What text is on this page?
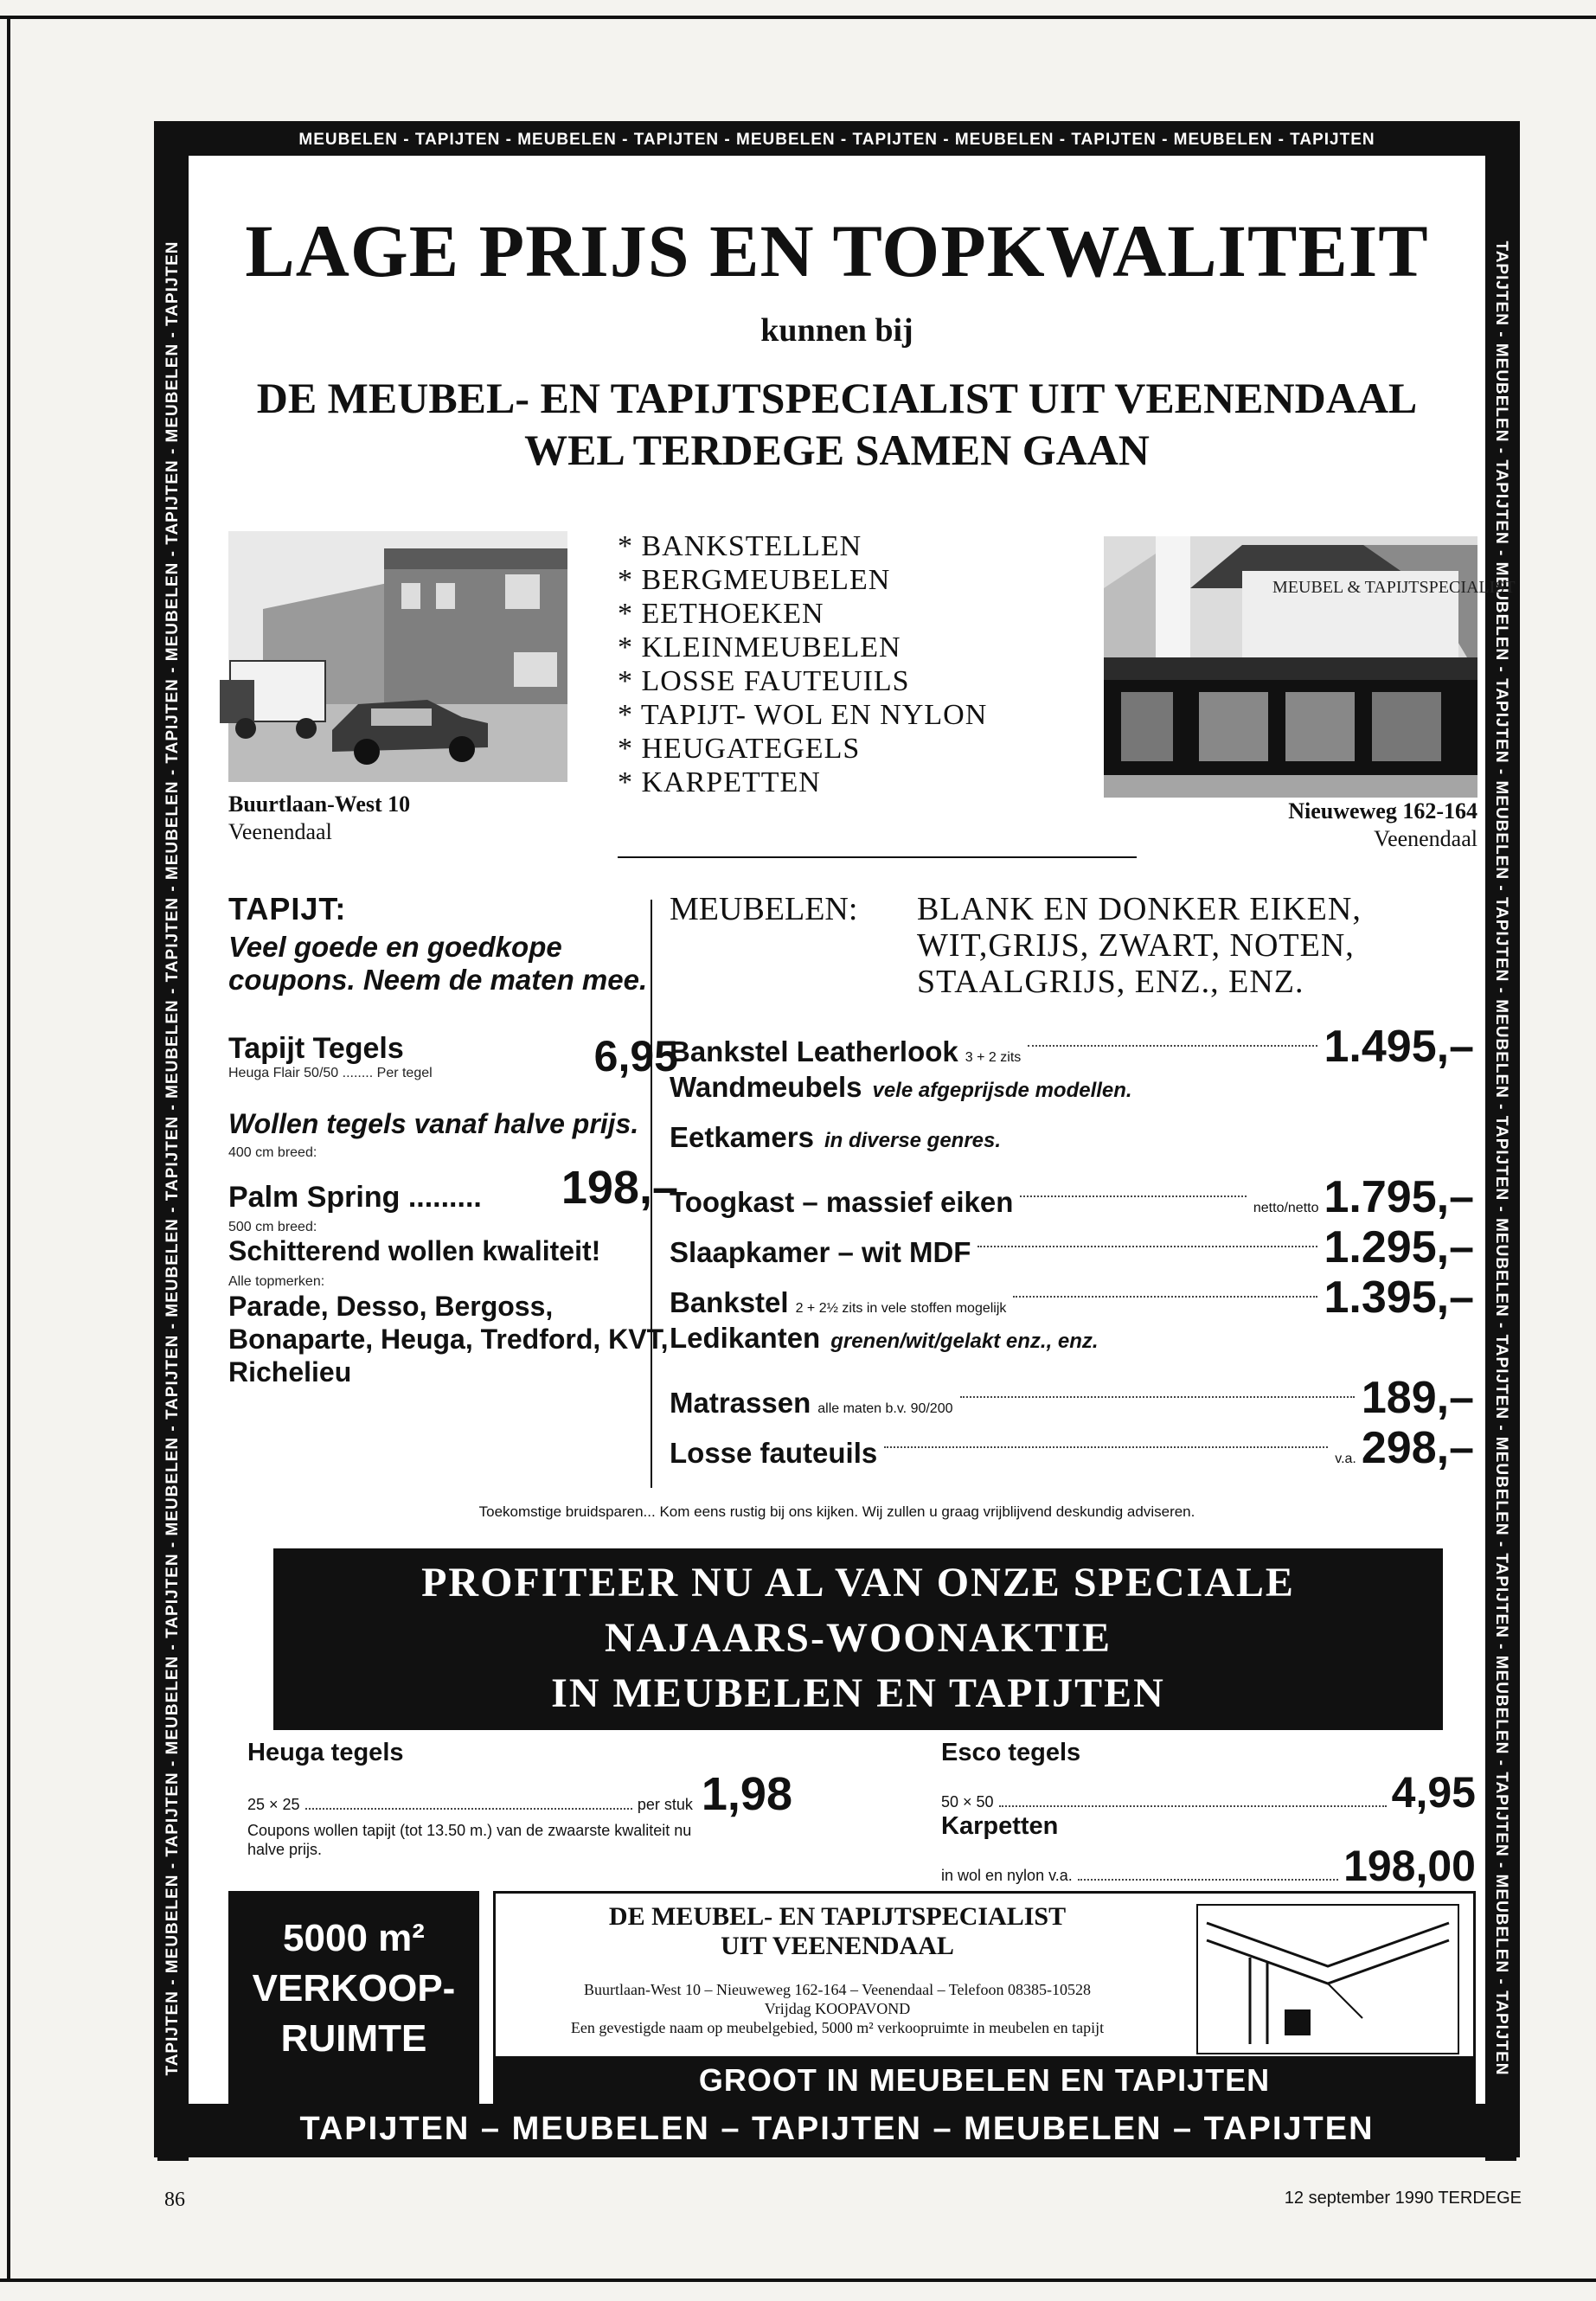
MEUBELEN - TAPIJTEN - MEUBELEN - TAPIJTEN - MEUBELEN - TAPIJTEN - MEUBELEN - TAPIJTEN - MEUBELEN - TAPIJTEN
TAPIJTEN - MEUBELEN - TAPIJTEN - MEUBELEN - TAPIJTEN - MEUBELEN - TAPIJTEN - MEUBELEN - TAPIJTEN - MEUBELEN - TAPIJTEN - MEUBELEN - TAPIJTEN - MEUBELEN - TAPIJTEN - MEUBELEN - TAPIJTEN	TAPIJTEN - MEUBELEN - TAPIJTEN - MEUBELEN - TAPIJTEN - MEUBELEN - TAPIJTEN - MEUBELEN - TAPIJTEN - MEUBELEN - TAPIJTEN - MEUBELEN - TAPIJTEN - MEUBELEN - TAPIJTEN - MEUBELEN - TAPIJTEN
TAPIJTEN – MEUBELEN – TAPIJTEN – MEUBELEN – TAPIJTEN
LAGE PRIJS EN TOPKWALITEIT
kunnen bij
DE MEUBEL- EN TAPIJTSPECIALIST UIT VEENENDAAL
WEL TERDEGE SAMEN GAAN
Buurtlaan-West 10
Veenendaal
* BANKSTELLEN
* BERGMEUBELEN
* EETHOEKEN
* KLEINMEUBELEN
* LOSSE FAUTEUILS
* TAPIJT- WOL EN NYLON
* HEUGATEGELS
* KARPETTEN
MEUBEL & TAPIJTSPECIALIST
Nieuweweg 162-164
Veenendaal
TAPIJT:
Veel goede en goedkope coupons. Neem de maten mee.
Tapijt Tegels
Heuga Flair 50/50 ........ Per tegel	6,95
Wollen tegels vanaf halve prijs.
400 cm breed:
Palm Spring ......... 198,–
500 cm breed:
Schitterend wollen kwaliteit!
Alle topmerken:
Parade, Desso, Bergoss, Bonaparte, Heuga, Tredford, KVT, Richelieu
MEUBELEN:	BLANK EN DONKER EIKEN,
WIT,GRIJS, ZWART, NOTEN,
STAALGRIJS, ENZ., ENZ.
Bankstel Leatherlook 3 + 2 zits	1.495,–
Wandmeubels vele afgeprijsde modellen.
Eetkamers in diverse genres.
Toogkast – massief eiken	netto/netto 1.795,–
Slaapkamer – wit MDF	1.295,–
Bankstel 2 + 2½ zits in vele stoffen mogelijk	1.395,–
Ledikanten grenen/wit/gelakt enz., enz.
Matrassen alle maten b.v. 90/200	189,–
Losse fauteuils	v.a. 298,–
Toekomstige bruidsparen... Kom eens rustig bij ons kijken. Wij zullen u graag vrijblijvend deskundig adviseren.
PROFITEER NU AL VAN ONZE SPECIALE
NAJAARS-WOONAKTIE
IN MEUBELEN EN TAPIJTEN
Heuga tegels
25 × 25	per stuk 1,98
Coupons wollen tapijt (tot 13.50 m.) van de zwaarste kwaliteit nu halve prijs.
Esco tegels
50 × 50	4,95
Karpetten
in wol en nylon v.a.	198,00
5000 m²
VERKOOP-
RUIMTE
DE MEUBEL- EN TAPIJTSPECIALIST
UIT VEENENDAAL
Buurtlaan-West 10 – Nieuweweg 162-164 – Veenendaal – Telefoon 08385-10528
Vrijdag KOOPAVOND
Een gevestigde naam op meubelgebied, 5000 m² verkoopruimte in meubelen en tapijt
GROOT IN MEUBELEN EN TAPIJTEN
86	12 september 1990 TERDEGE
